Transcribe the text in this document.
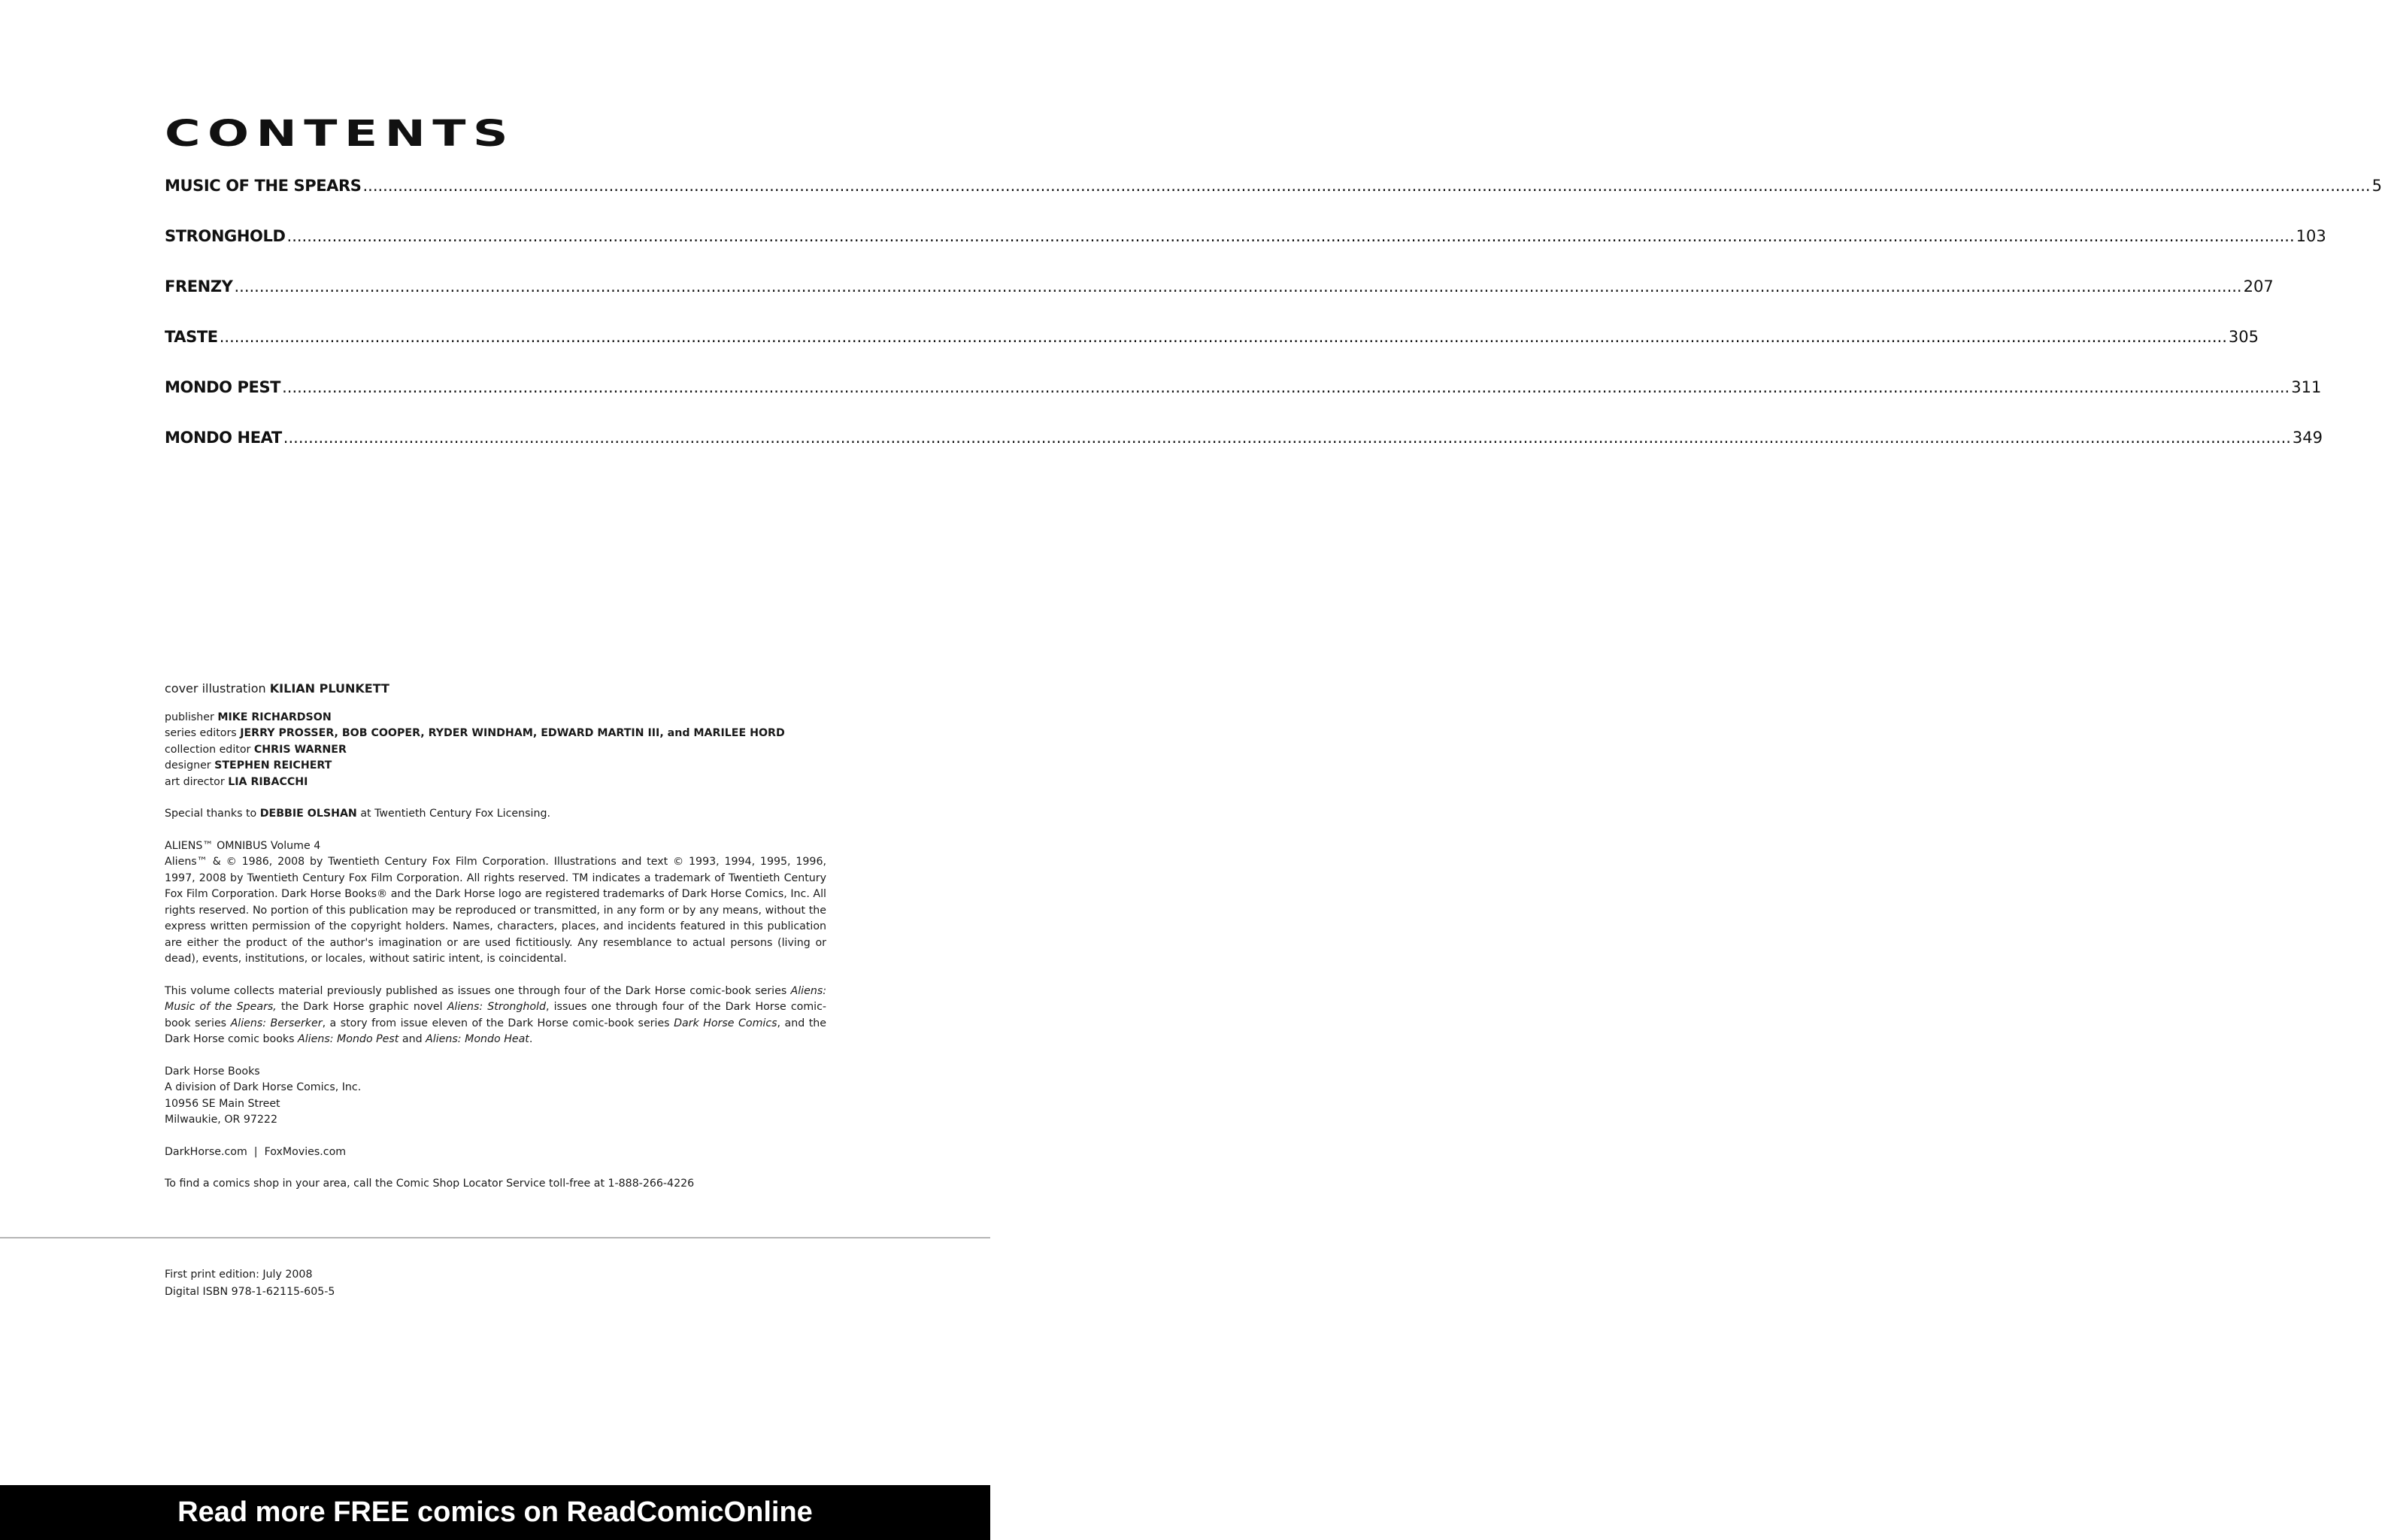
CONTENTS
MUSIC OF THE SPEARS ................................................................................................................................................................................................................................................................................................................................................................................................................ 5
STRONGHOLD ................................................................................................................................................................................................................................................................................................................................................................................................................ 103
FRENZY ................................................................................................................................................................................................................................................................................................................................................................................................................ 207
TASTE ................................................................................................................................................................................................................................................................................................................................................................................................................ 305
MONDO PEST ................................................................................................................................................................................................................................................................................................................................................................................................................ 311
MONDO HEAT ................................................................................................................................................................................................................................................................................................................................................................................................................ 349

cover illustration KILIAN PLUNKETT

publisher MIKE RICHARDSON

series editors JERRY PROSSER, BOB COOPER, RYDER WINDHAM, EDWARD MARTIN III, and MARILEE HORD

collection editor CHRIS WARNER

designer STEPHEN REICHERT

art director LIA RIBACCHI

Special thanks to DEBBIE OLSHAN at Twentieth Century Fox Licensing.

ALIENS™ OMNIBUS Volume 4

Aliens™ & © 1986, 2008 by Twentieth Century Fox Film Corporation. Illustrations and text © 1993, 1994, 1995, 1996, 1997, 2008 by Twentieth Century Fox Film Corporation. All rights reserved. TM indicates a trademark of Twentieth Century Fox Film Corporation. Dark Horse Books® and the Dark Horse logo are registered trademarks of Dark Horse Comics, Inc. All rights reserved. No portion of this publication may be reproduced or transmitted, in any form or by any means, without the express written permission of the copyright holders. Names, characters, places, and incidents featured in this publication are either the product of the author's imagination or are used fictitiously. Any resemblance to actual persons (living or dead), events, institutions, or locales, without satiric intent, is coincidental.

This volume collects material previously published as issues one through four of the Dark Horse comic-book series Aliens: Music of the Spears, the Dark Horse graphic novel Aliens: Stronghold, issues one through four of the Dark Horse comic-book series Aliens: Berserker, a story from issue eleven of the Dark Horse comic-book series Dark Horse Comics, and the Dark Horse comic books Aliens: Mondo Pest and Aliens: Mondo Heat.

Dark Horse Books

A division of Dark Horse Comics, Inc.

10956 SE Main Street

Milwaukie, OR 97222

DarkHorse.com  |  FoxMovies.com

To find a comics shop in your area, call the Comic Shop Locator Service toll-free at 1-888-266-4226

First print edition: July 2008
Digital ISBN 978-1-62115-605-5
Read more FREE comics on ReadComicOnline
